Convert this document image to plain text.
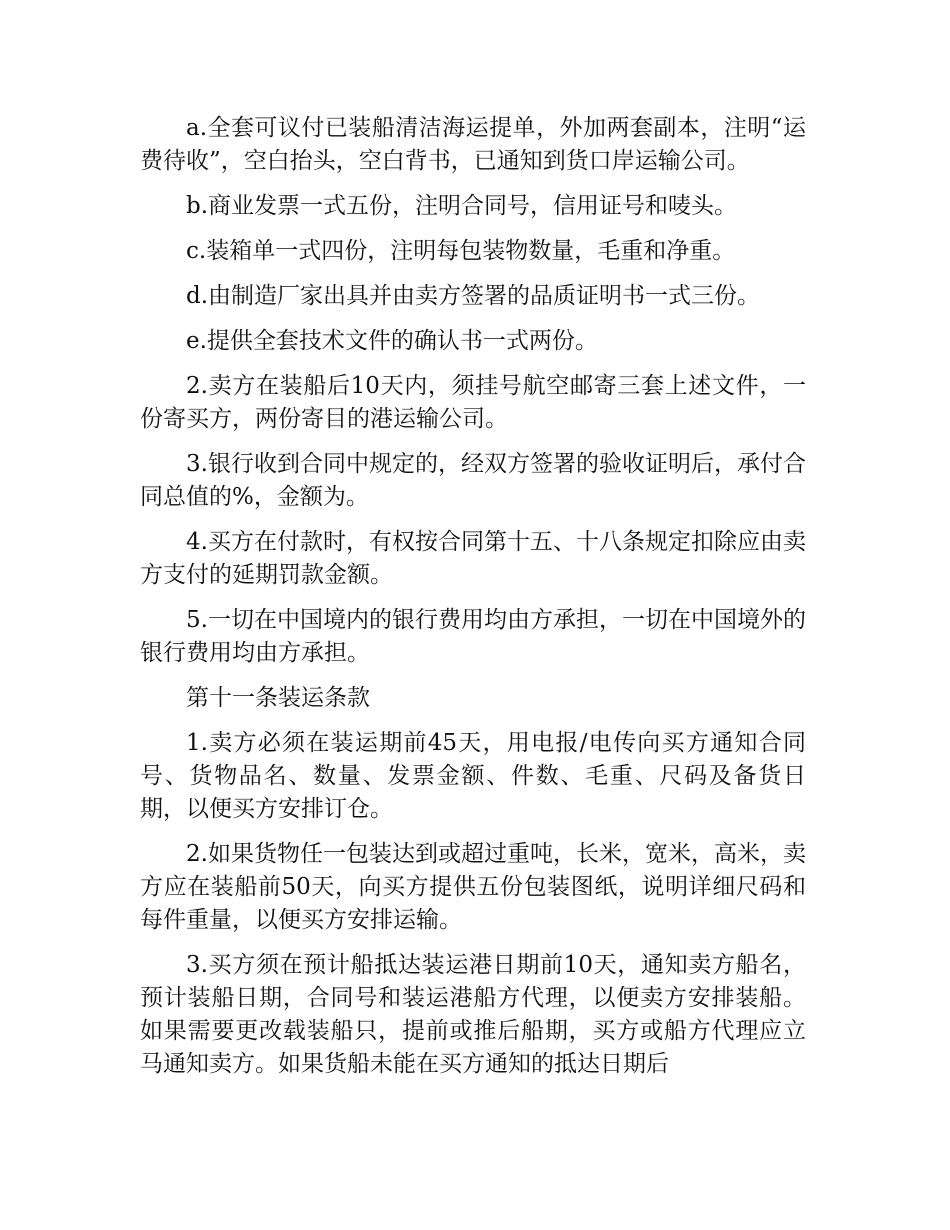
a.全套可议付已装船清洁海运提单，外加两套副本，注明“运费待收”，空白抬头，空白背书，已通知到货口岸运输公司。

b.商业发票一式五份，注明合同号，信用证号和唛头。

c.装箱单一式四份，注明每包装物数量，毛重和净重。

d.由制造厂家出具并由卖方签署的品质证明书一式三份。

e.提供全套技术文件的确认书一式两份。

2.卖方在装船后10天内，须挂号航空邮寄三套上述文件，一份寄买方，两份寄目的港运输公司。

3.银行收到合同中规定的，经双方签署的验收证明后，承付合同总值的%，金额为。

4.买方在付款时，有权按合同第十五、十八条规定扣除应由卖方支付的延期罚款金额。

5.一切在中国境内的银行费用均由方承担，一切在中国境外的银行费用均由方承担。

第十一条装运条款

1.卖方必须在装运期前45天，用电报/电传向买方通知合同号、货物品名、数量、发票金额、件数、毛重、尺码及备货日期，以便买方安排订仓。

2.如果货物任一包装达到或超过重吨，长米，宽米，高米，卖方应在装船前50天，向买方提供五份包装图纸，说明详细尺码和每件重量，以便买方安排运输。

3.买方须在预计船抵达装运港日期前10天，通知卖方船名，预计装船日期，合同号和装运港船方代理，以便卖方安排装船。如果需要更改载装船只，提前或推后船期，买方或船方代理应立马通知卖方。如果货船未能在买方通知的抵达日期后
